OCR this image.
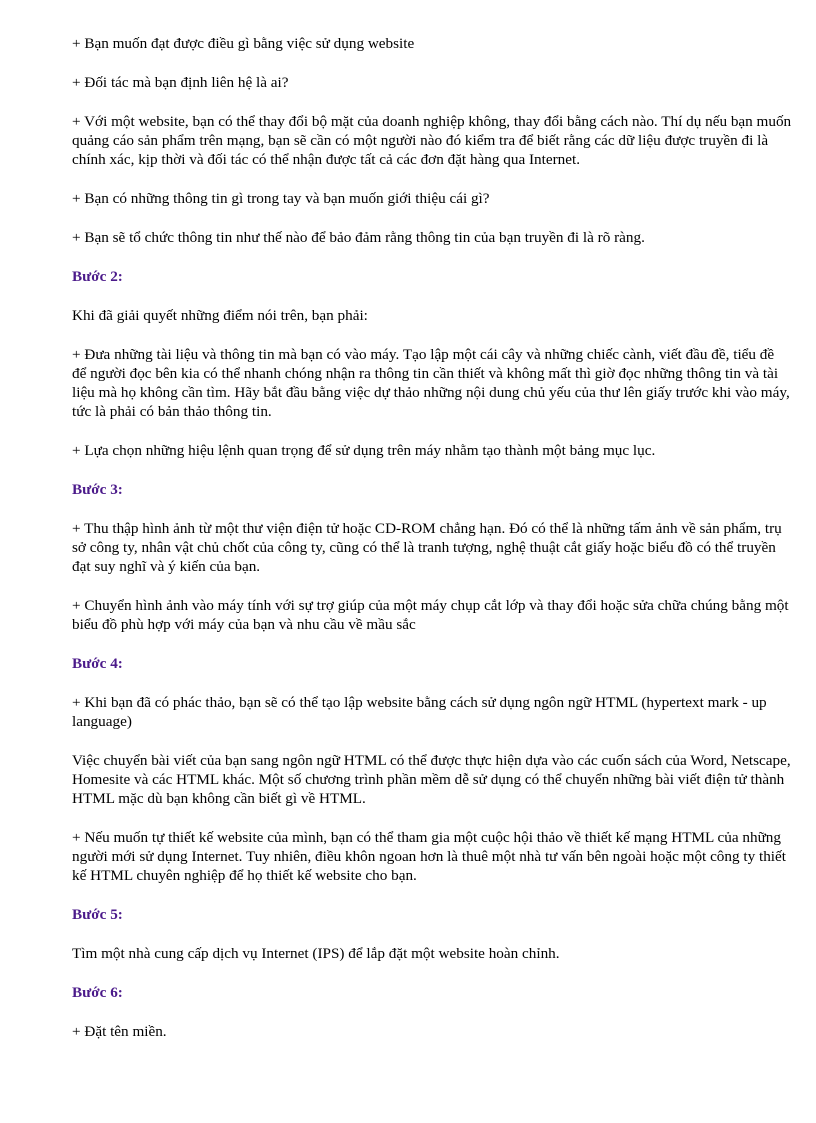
+ Bạn muốn đạt được điều gì bằng việc sử dụng website

+ Đối tác mà bạn định liên hệ là ai?

+ Với một website, bạn có thể thay đổi bộ mặt của doanh nghiệp không, thay đổi bằng cách nào. Thí dụ nếu bạn muốn quảng cáo sản phẩm trên mạng, bạn sẽ cần có một người nào đó kiểm tra để biết rằng các dữ liệu được truyền đi là chính xác, kịp thời và đối tác có thể nhận được tất cả các đơn đặt hàng qua Internet.

+ Bạn có những thông tin gì trong tay và bạn muốn giới thiệu cái gì?

+ Bạn sẽ tổ chức thông tin như thế nào để bảo đảm rằng thông tin của bạn truyền đi là rõ ràng.

Bước 2:

Khi đã giải quyết những điểm nói trên, bạn phải:

+ Đưa những tài liệu và thông tin mà bạn có vào máy. Tạo lập một cái cây và những chiếc cành, viết đầu đề, tiểu đề để người đọc bên kia có thể nhanh chóng nhận ra thông tin cần thiết và không mất thì giờ đọc những thông tin và tài liệu mà họ không cần tìm. Hãy bắt đầu bằng việc dự thảo những nội dung chủ yếu của thư lên giấy trước khi vào máy, tức là phải có bản thảo thông tin.

+ Lựa chọn những hiệu lệnh quan trọng để sử dụng trên máy nhằm tạo thành một bảng mục lục.

Bước 3:

+ Thu thập hình ảnh từ một thư viện điện tử hoặc CD-ROM chẳng hạn. Đó có thể là những tấm ảnh về sản phẩm, trụ sở công ty, nhân vật chủ chốt của công ty, cũng có thể là tranh tượng, nghệ thuật cắt giấy hoặc biểu đồ có thể truyền đạt suy nghĩ và ý kiến của bạn.

+ Chuyển hình ảnh vào máy tính với sự trợ giúp của một máy chụp cắt lớp và thay đổi hoặc sửa chữa chúng bằng một biểu đồ phù hợp với máy của bạn và nhu cầu về mầu sắc

Bước 4:

+ Khi bạn đã có phác thảo, bạn sẽ có thể tạo lập website bằng cách sử dụng ngôn ngữ HTML (hypertext mark - up language)

Việc chuyển bài viết của bạn sang ngôn ngữ HTML có thể được thực hiện dựa vào các cuốn sách của Word, Netscape, Homesite và các HTML khác. Một số chương trình phần mềm dễ sử dụng có thể chuyển những bài viết điện tử thành HTML mặc dù bạn không cần biết gì về HTML.

+ Nếu muốn tự thiết kế website của mình, bạn có thể tham gia một cuộc hội thảo về thiết kế mạng HTML của những người mới sử dụng Internet. Tuy nhiên, điều khôn ngoan hơn là thuê một nhà tư vấn bên ngoài hoặc một công ty thiết kế HTML chuyên nghiệp để họ thiết kế website cho bạn.

Bước 5:

Tìm một nhà cung cấp dịch vụ Internet (IPS) để lắp đặt một website hoàn chỉnh.

Bước 6:

+ Đặt tên miền.
